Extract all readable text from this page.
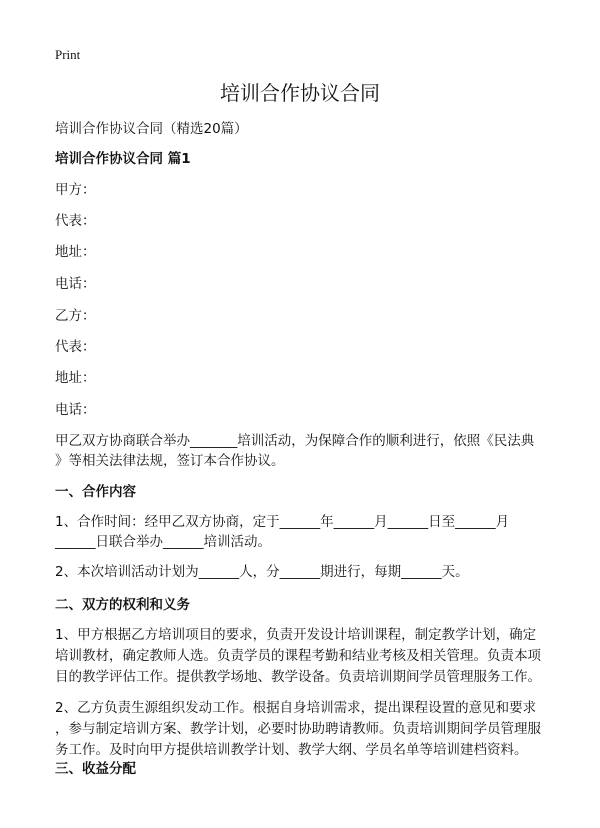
Print
培训合作协议合同
培训合作协议合同（精选20篇）
培训合作协议合同 篇1
甲方：
代表：
地址：
电话：
乙方：
代表：
地址：
电话：
甲乙双方协商联合举办_______培训活动，为保障合作的顺利进行，依照《民法典
》等相关法律法规，签订本合作协议。
一、合作内容
1、合作时间：经甲乙双方协商，定于______年______月______日至______月
______日联合举办______培训活动。
2、本次培训活动计划为______人，分______期进行，每期______天。
二、双方的权利和义务
1、甲方根据乙方培训项目的要求，负责开发设计培训课程，制定教学计划，确定
培训教材，确定教师人选。负责学员的课程考勤和结业考核及相关管理。负责本项
目的教学评估工作。提供教学场地、教学设备。负责培训期间学员管理服务工作。
2、乙方负责生源组织发动工作。根据自身培训需求，提出课程设置的意见和要求
，参与制定培训方案、教学计划，必要时协助聘请教师。负责培训期间学员管理服
务工作。及时向甲方提供培训教学计划、教学大纲、学员名单等培训建档资料。
三、收益分配
